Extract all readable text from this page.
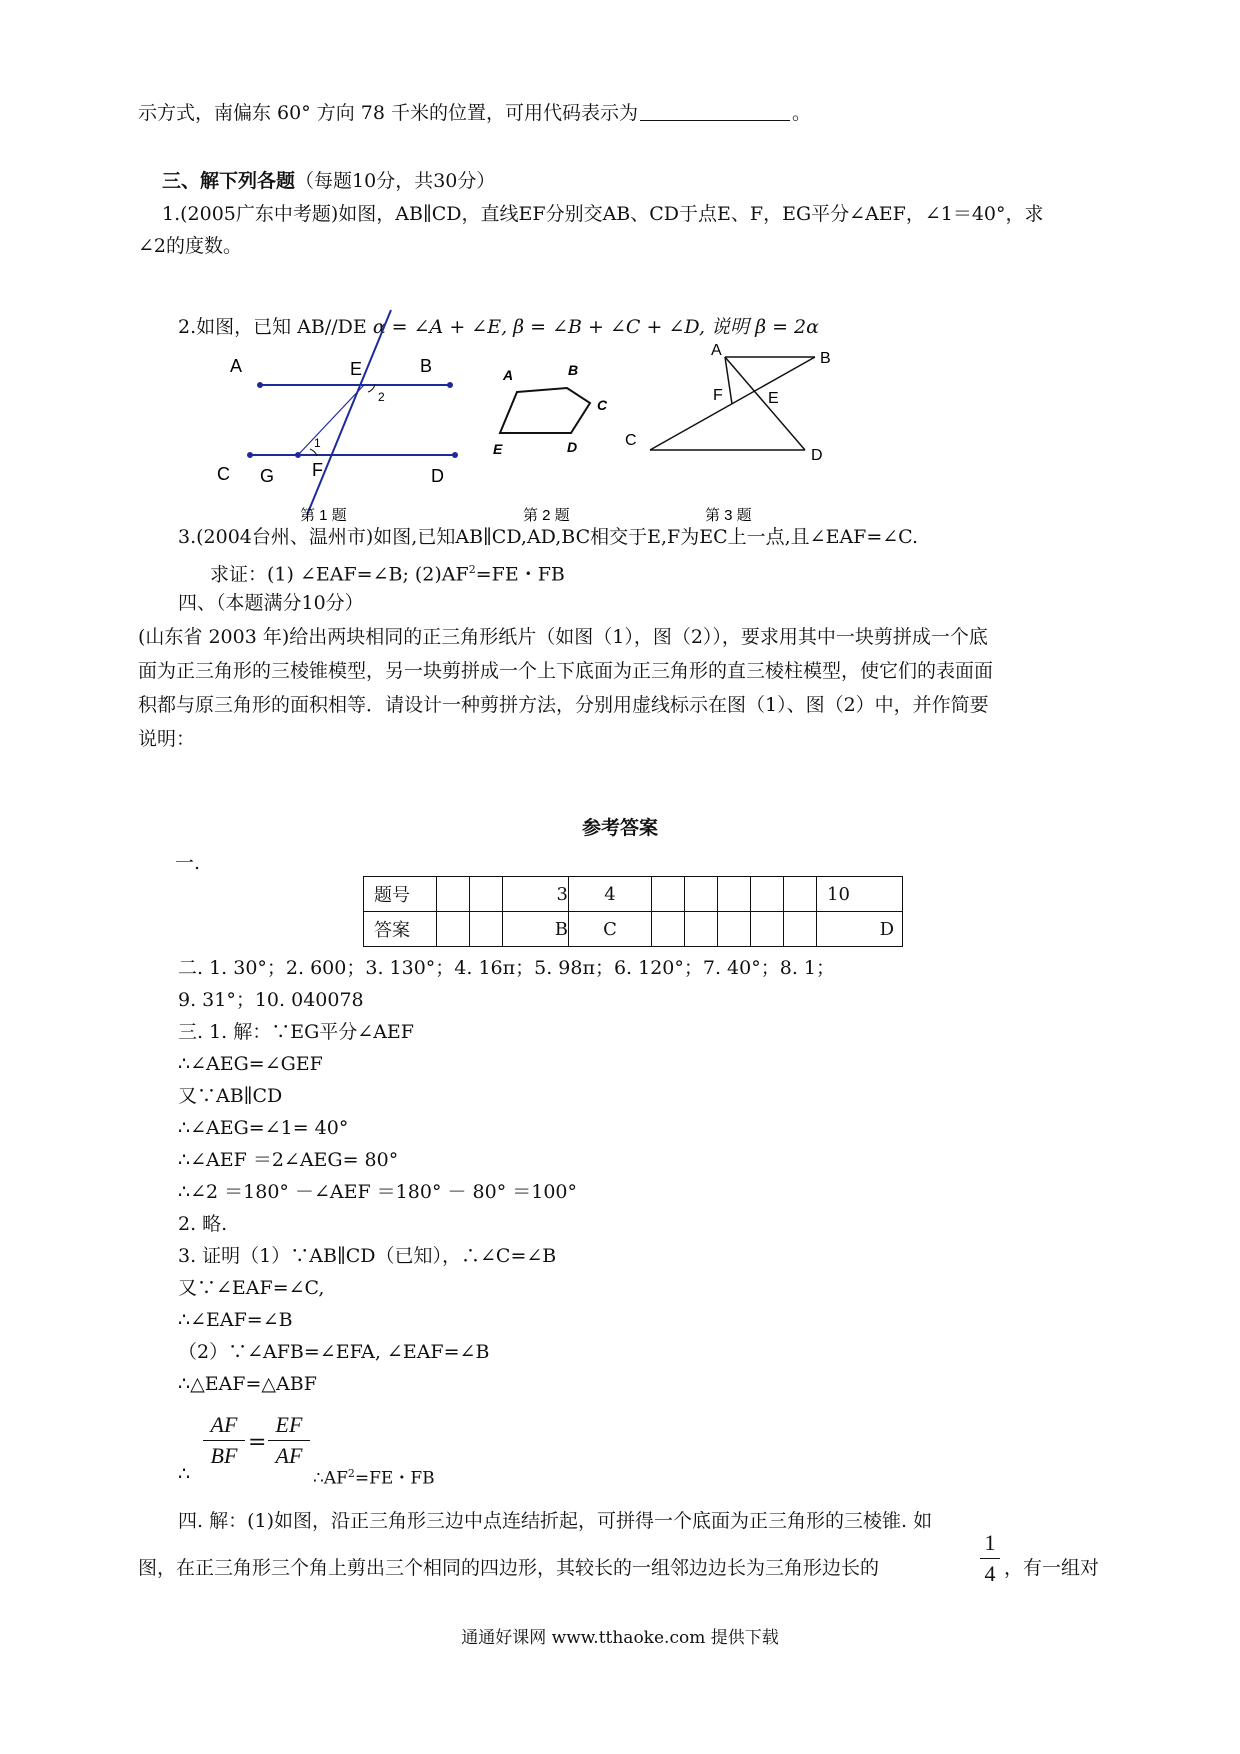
示方式，南偏东 60° 方向 78 千米的位置，可用代码表示为	。
三、解下列各题（每题10分，共30分）
1.(2005广东中考题)如图，AB∥CD，直线EF分别交AB、CD于点E、F，EG平分∠AEF，∠1＝40°，求
∠2的度数。
2.如图，已知 AB//DE α = ∠A + ∠E, β = ∠B + ∠C + ∠D, 说明 β = 2α
A	E	B
2
1
C G F	D
第 1 题
A	B
C
D
E
第 2 题
A	B
F	E
C
D
第 3 题
3.(2004台州、温州市)如图,已知AB∥CD,AD,BC相交于E,F为EC上一点,且∠EAF=∠C.
求证：(1) ∠EAF=∠B; $(2)AF^2=FE$・FB
四、（本题满分10分）
(山东省 2003 年)给出两块相同的正三角形纸片（如图（1），图（2）），要求用其中一块剪拼成一个底
面为正三角形的三棱锥模型，另一块剪拼成一个上下底面为正三角形的直三棱柱模型，使它们的表面面
积都与原三角形的面积相等．请设计一种剪拼方法，分别用虚线标示在图（1）、图（2）中，并作简要
说明：
参考答案
一.
题号			3	4						10
答案			B	C						D
二. 1. 30°；2. 600；3. 130°；4. 16π；5. 98π；6. 120°；7. 40°；8. 1；
9. 31°；10. 040078
三. 1. 解：∵EG平分∠AEF
∴∠AEG=∠GEF
又∵AB∥CD
∴∠AEG=∠1= 40°
∴∠AEF ＝2∠AEG= 80°
∴∠2 ＝180° －∠AEF ＝180° － 80° ＝100°
2. 略.
3. 证明（1）∵AB∥CD（已知），∴∠C=∠B
又∵∠EAF=∠C,
∴∠EAF=∠B
（2）∵∠AFB=∠EFA, ∠EAF=∠B
∴△EAF=△ABF
∴
AF
BF
=
EF
AF
$\therefore AF^2=FE$・FB
四. 解：(1)如图，沿正三角形三边中点连结折起，可拼得一个底面为正三角形的三棱锥. 如
图，在正三角形三个角上剪出三个相同的四边形，其较长的一组邻边边长为三角形边长的
1
4 ，有一组对
通通好课网 www.tthaoke.com 提供下载
